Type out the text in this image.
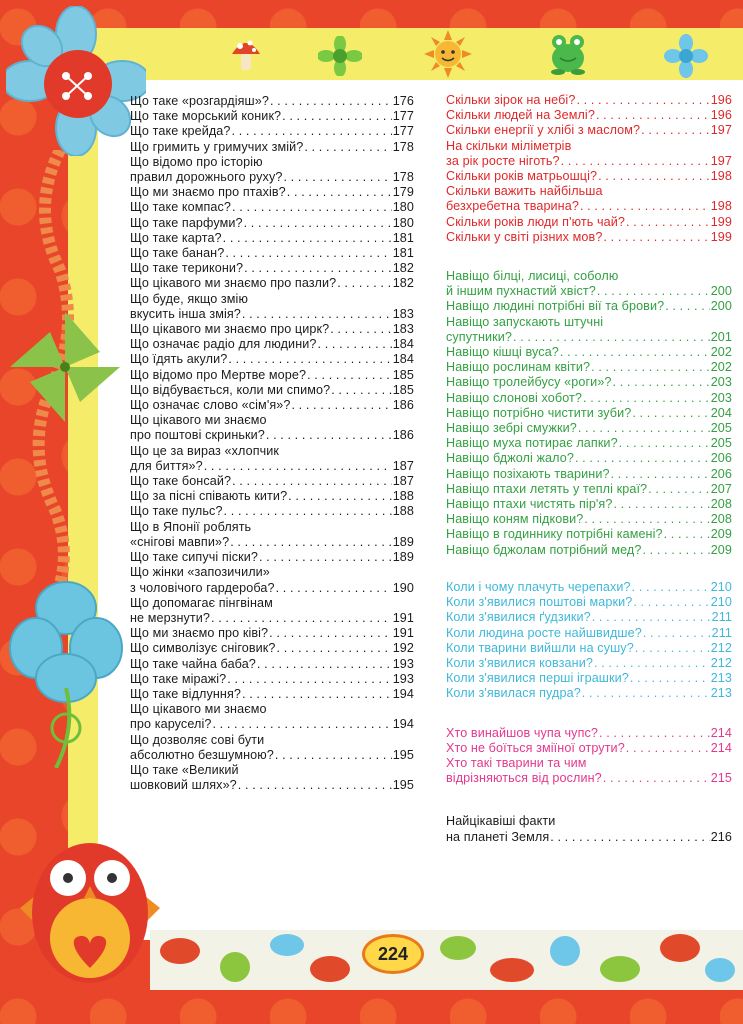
224
Що таке «розгардіяш»? . . .	176
Що таке морський коник? . . .	177
Що таке крейда? . . .	177
Що гримить у гримучих змій? . . .	178
Що відомо про історію
правил дорожнього руху? . . .	178
Що ми знаємо про птахів? . . .	179
Що таке компас? . . .	180
Що таке парфуми? . . .	180
Що таке карта? . . .	181
Що таке банан? . . .	181
Що таке терикони? . . .	182
Що цікавого ми знаємо про пазли? . . .	182
Що буде, якщо змію
вкусить інша змія? . . .	183
Що цікавого ми знаємо про цирк? . . .	183
Що означає радіо для людини? . . .	184
Що їдять акули? . . .	184
Що відомо про Мертве море? . . .	185
Що відбувається, коли ми спимо? . . .	185
Що означає слово «сім'я»? . . .	186
Що цікавого ми знаємо
про поштові скриньки? . . .	186
Що це за вираз «хлопчик
для биття»? . . .	187
Що таке бонсай? . . .	187
Що за пісні співають кити? . . .	188
Що таке пульс? . . .	188
Що в Японії роблять
«снігові мавпи»? . . .	189
Що таке сипучі піски? . . .	189
Що жінки «запозичили»
з чоловічого гардероба? . . .	190
Що допомагає пінгвінам
не мерзнути? . . .	191
Що ми знаємо про ківі? . . .	191
Що символізує сніговик? . . .	192
Що таке чайна баба? . . .	193
Що таке міражі? . . .	193
Що таке відлуння? . . .	194
Що цікавого ми знаємо
про каруселі? . . .	194
Що дозволяє сові бути
абсолютно безшумною? . . .	195
Що таке «Великий
шовковий шлях»? . . .	195
Скільки зірок на небі? . . .	196
Скільки людей на Землі? . . .	196
Скільки енергії у хлібі з маслом? . . .	197
На скільки міліметрів
за рік росте ніготь? . . .	197
Скільки років матрьошці? . . .	198
Скільки важить найбільша
безхребетна тварина? . . .	198
Скільки років люди п'ють чай? . . .	199
Скільки у світі різних мов? . . .	199
Навіщо білці, лисиці, соболю
й іншим пухнастий хвіст? . . .	200
Навіщо людині потрібні вії та брови? . . .	200
Навіщо запускають штучні
супутники? . . .	201
Навіщо кішці вуса? . . .	202
Навіщо рослинам квіти? . . .	202
Навіщо тролейбусу «роги»? . . .	203
Навіщо слонові хобот? . . .	203
Навіщо потрібно чистити зуби? . . .	204
Навіщо зебрі смужки? . . .	205
Навіщо муха потирає лапки? . . .	205
Навіщо бджолі жало? . . .	206
Навіщо позіхають тварини? . . .	206
Навіщо птахи летять у теплі краї? . . .	207
Навіщо птахи чистять пір'я? . . .	208
Навіщо коням підкови? . . .	208
Навіщо в годиннику потрібні камені? . . .	209
Навіщо бджолам потрібний мед? . . .	209
Коли і чому плачуть черепахи? . . .	210
Коли з'явилися поштові марки? . . .	210
Коли з'явилися ґудзики? . . .	211
Коли людина росте найшвидше? . . .	211
Коли тварини вийшли на сушу? . . .	212
Коли з'явилися ковзани? . . .	212
Коли з'явилися перші іграшки? . . .	213
Коли з'явилася пудра? . . .	213
Хто винайшов чупа чупс? . . .	214
Хто не боїться зміїної отрути? . . .	214
Хто такі тварини та чим
відрізняються від рослин? . . .	215
Найцікавіші факти
на планеті Земля . . .	216
